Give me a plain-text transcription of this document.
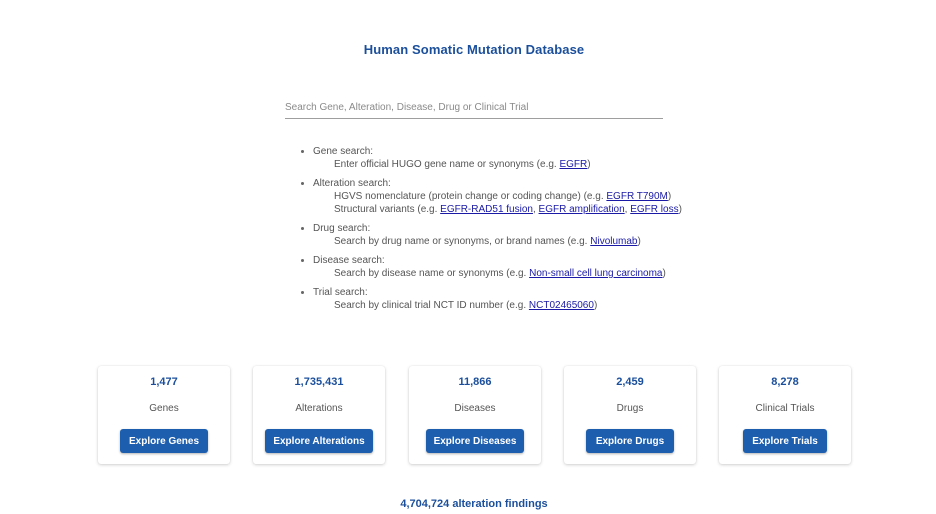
Human Somatic Mutation Database
Search Gene, Alteration, Disease, Drug or Clinical Trial
• Gene search:
Enter official HUGO gene name or synonyms (e.g. EGFR)
• Alteration search:
HGVS nomenclature (protein change or coding change) (e.g. EGFR T790M)
Structural variants (e.g. EGFR-RAD51 fusion, EGFR amplification, EGFR loss)
• Drug search:
Search by drug name or synonyms, or brand names (e.g. Nivolumab)
• Disease search:
Search by disease name or synonyms (e.g. Non-small cell lung carcinoma)
• Trial search:
Search by clinical trial NCT ID number (e.g. NCT02465060)
1,477
Genes
Explore Genes
1,735,431
Alterations
Explore Alterations
11,866
Diseases
Explore Diseases
2,459
Drugs
Explore Drugs
8,278
Clinical Trials
Explore Trials
4,704,724 alteration findings
